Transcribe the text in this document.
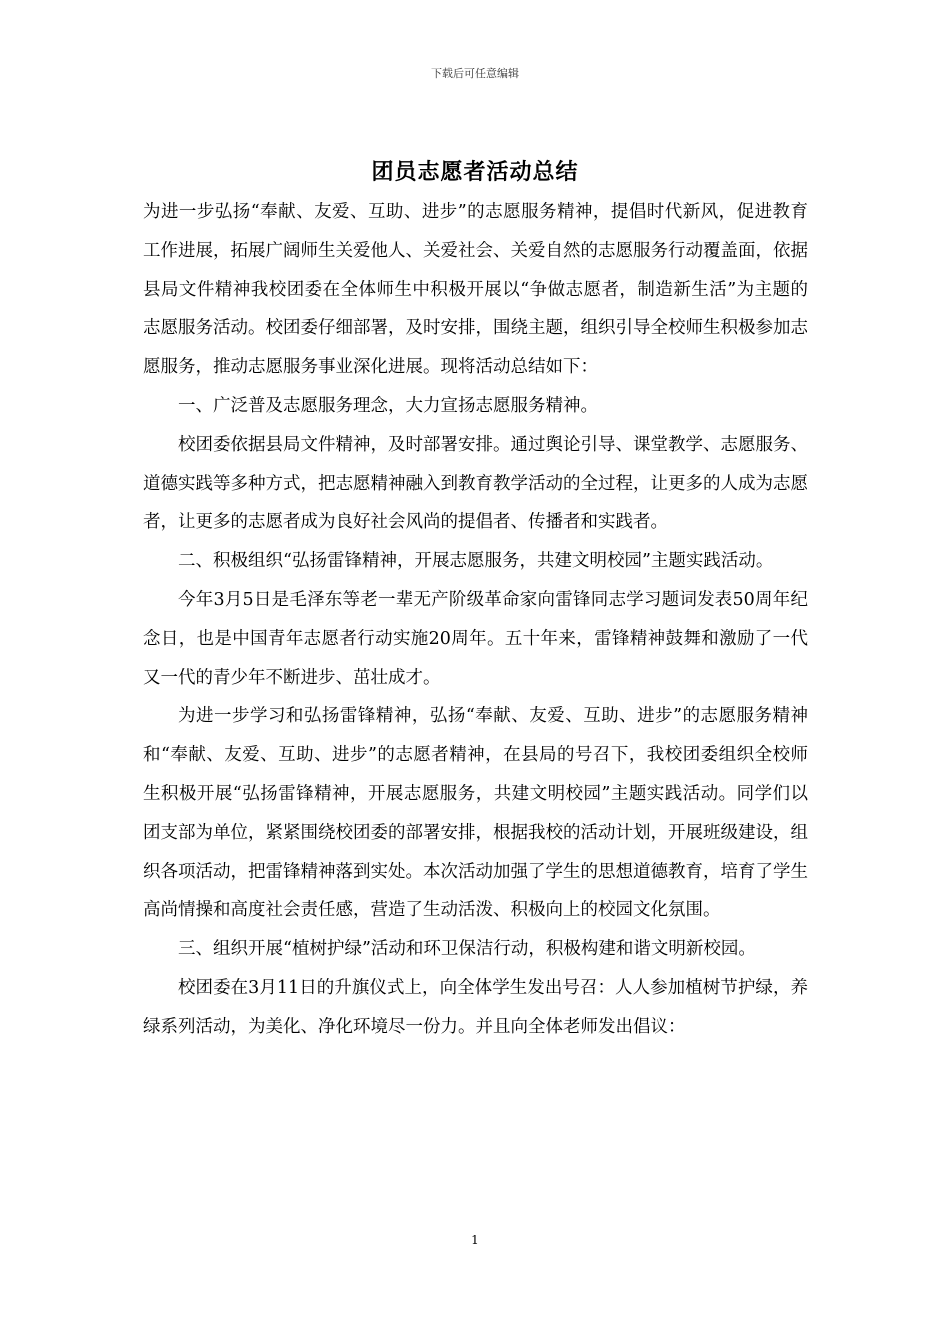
下载后可任意编辑
团员志愿者活动总结

为进一步弘扬“奉献、友爱、互助、进步”的志愿服务精神，提倡时代新风，促进教育工作进展，拓展广阔师生关爱他人、关爱社会、关爱自然的志愿服务行动覆盖面，依据县局文件精神我校团委在全体师生中积极开展以“争做志愿者，制造新生活”为主题的志愿服务活动。校团委仔细部署，及时安排，围绕主题，组织引导全校师生积极参加志愿服务，推动志愿服务事业深化进展。现将活动总结如下：

一、广泛普及志愿服务理念，大力宣扬志愿服务精神。

校团委依据县局文件精神，及时部署安排。通过舆论引导、课堂教学、志愿服务、道德实践等多种方式，把志愿精神融入到教育教学活动的全过程，让更多的人成为志愿者，让更多的志愿者成为良好社会风尚的提倡者、传播者和实践者。

二、积极组织“弘扬雷锋精神，开展志愿服务，共建文明校园”主题实践活动。

今年3月5日是毛泽东等老一辈无产阶级革命家向雷锋同志学习题词发表50周年纪念日，也是中国青年志愿者行动实施20周年。五十年来，雷锋精神鼓舞和激励了一代又一代的青少年不断进步、茁壮成才。

为进一步学习和弘扬雷锋精神，弘扬“奉献、友爱、互助、进步”的志愿服务精神和“奉献、友爱、互助、进步”的志愿者精神，在县局的号召下，我校团委组织全校师生积极开展“弘扬雷锋精神，开展志愿服务，共建文明校园”主题实践活动。同学们以团支部为单位，紧紧围绕校团委的部署安排，根据我校的活动计划，开展班级建设，组织各项活动，把雷锋精神落到实处。本次活动加强了学生的思想道德教育，培育了学生高尚情操和高度社会责任感，营造了生动活泼、积极向上的校园文化氛围。

三、组织开展“植树护绿”活动和环卫保洁行动，积极构建和谐文明新校园。

校团委在3月11日的升旗仪式上，向全体学生发出号召：人人参加植树节护绿，养绿系列活动，为美化、净化环境尽一份力。并且向全体老师发出倡议：

1
